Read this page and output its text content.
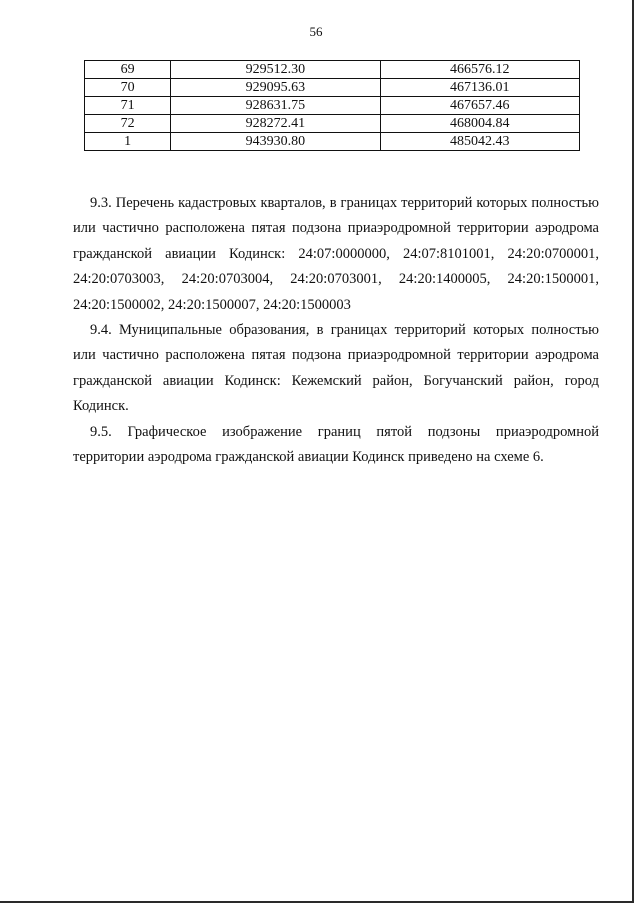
56
69	929512.30	466576.12
70	929095.63	467136.01
71	928631.75	467657.46
72	928272.41	468004.84
1	943930.80	485042.43

9.3. Перечень кадастровых кварталов, в границах территорий которых полностью или частично расположена пятая подзона приаэродромной территории аэродрома гражданской авиации Кодинск: 24:07:0000000, 24:07:8101001, 24:20:0700001, 24:20:0703003, 24:20:0703004, 24:20:0703001, 24:20:1400005, 24:20:1500001, 24:20:1500002, 24:20:1500007, 24:20:1500003

9.4. Муниципальные образования, в границах территорий которых полностью или частично расположена пятая подзона приаэродромной территории аэродрома гражданской авиации Кодинск: Кежемский район, Богучанский район, город Кодинск.

9.5. Графическое изображение границ пятой подзоны приаэродромной территории аэродрома гражданской авиации Кодинск приведено на схеме 6.
